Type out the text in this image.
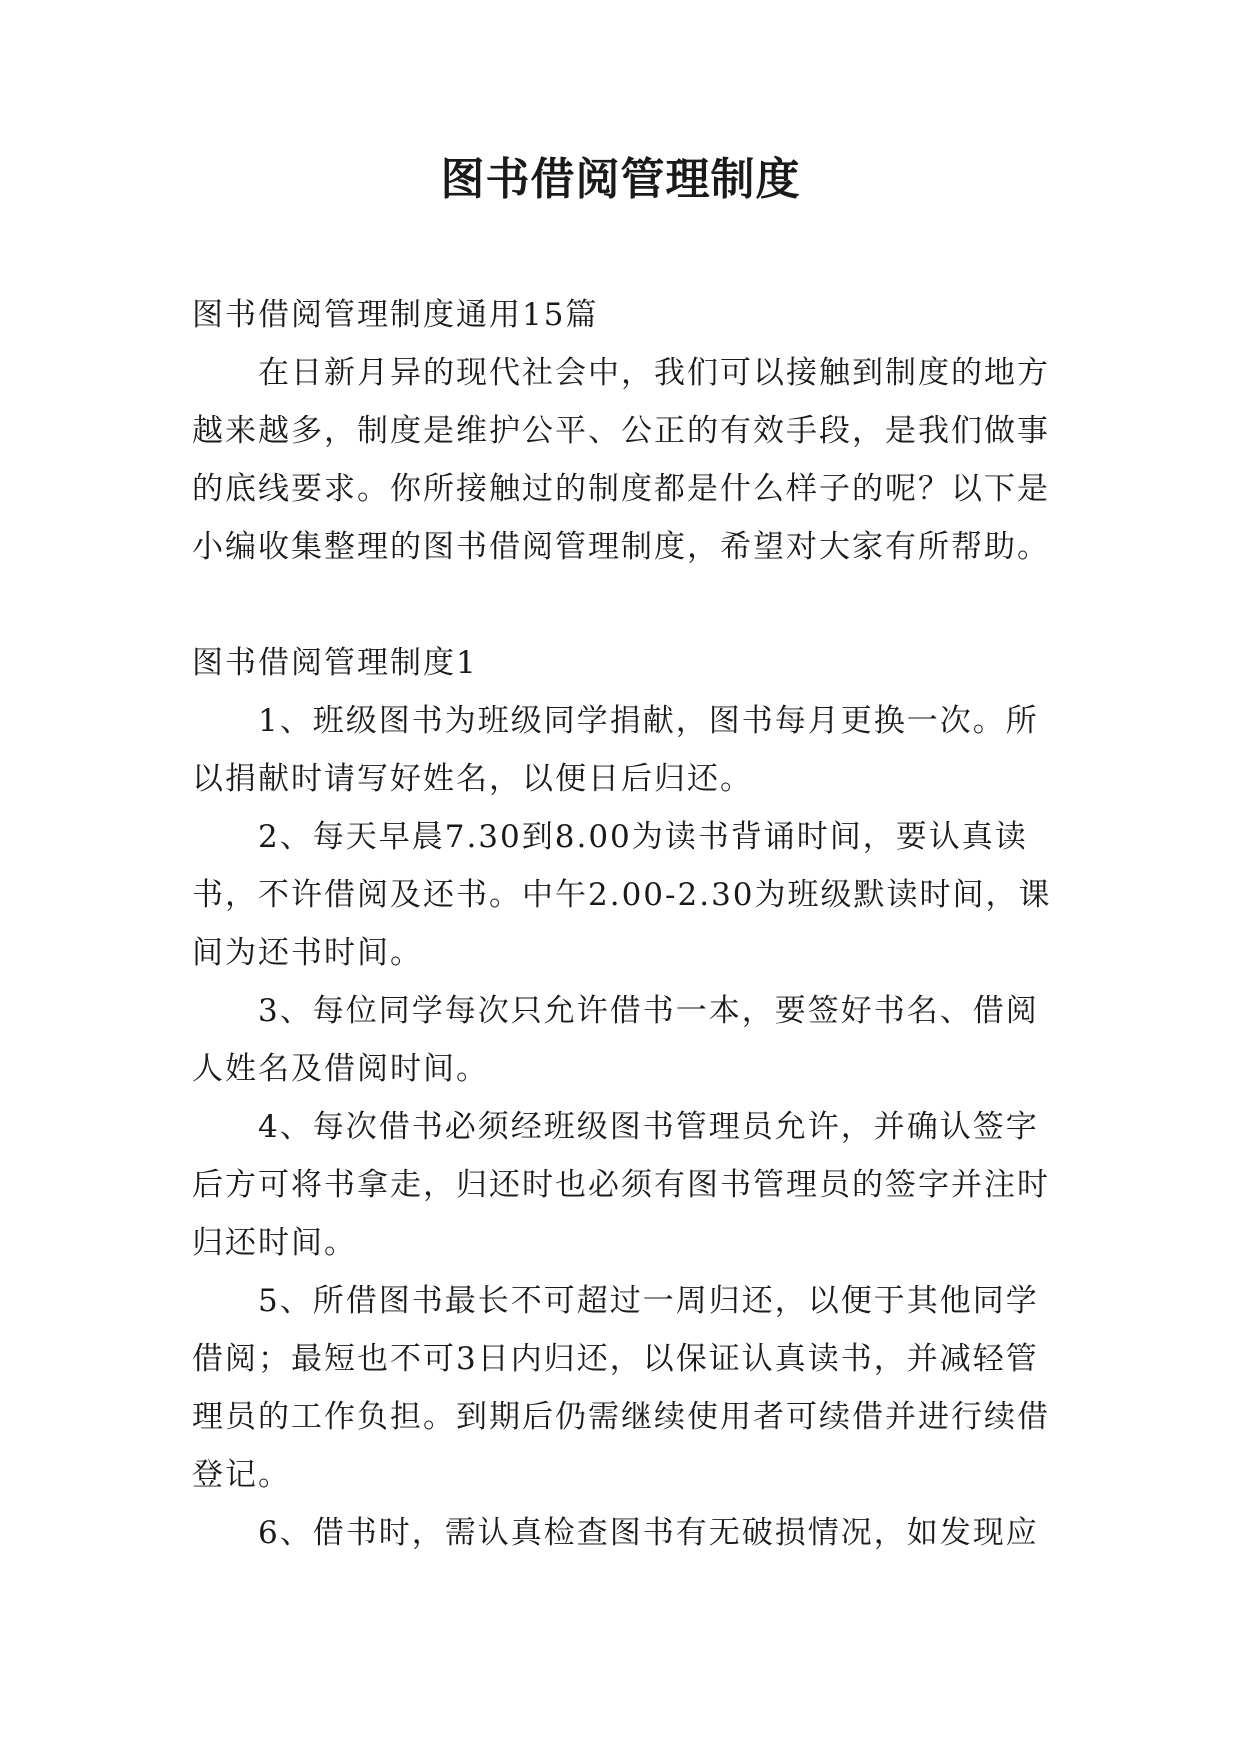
图书借阅管理制度

图书借阅管理制度通用15篇

在日新月异的现代社会中，我们可以接触到制度的地方越来越多，制度是维护公平、公正的有效手段，是我们做事的底线要求。你所接触过的制度都是什么样子的呢？以下是小编收集整理的图书借阅管理制度，希望对大家有所帮助。

图书借阅管理制度1

1、班级图书为班级同学捐献，图书每月更换一次。所以捐献时请写好姓名，以便日后归还。

2、每天早晨7.30到8.00为读书背诵时间，要认真读书，不许借阅及还书。中午2.00-2.30为班级默读时间，课间为还书时间。

3、每位同学每次只允许借书一本，要签好书名、借阅人姓名及借阅时间。

4、每次借书必须经班级图书管理员允许，并确认签字后方可将书拿走，归还时也必须有图书管理员的签字并注时归还时间。

5、所借图书最长不可超过一周归还，以便于其他同学借阅；最短也不可3日内归还，以保证认真读书，并减轻管理员的工作负担。到期后仍需继续使用者可续借并进行续借登记。

6、借书时，需认真检查图书有无破损情况，如发现应
